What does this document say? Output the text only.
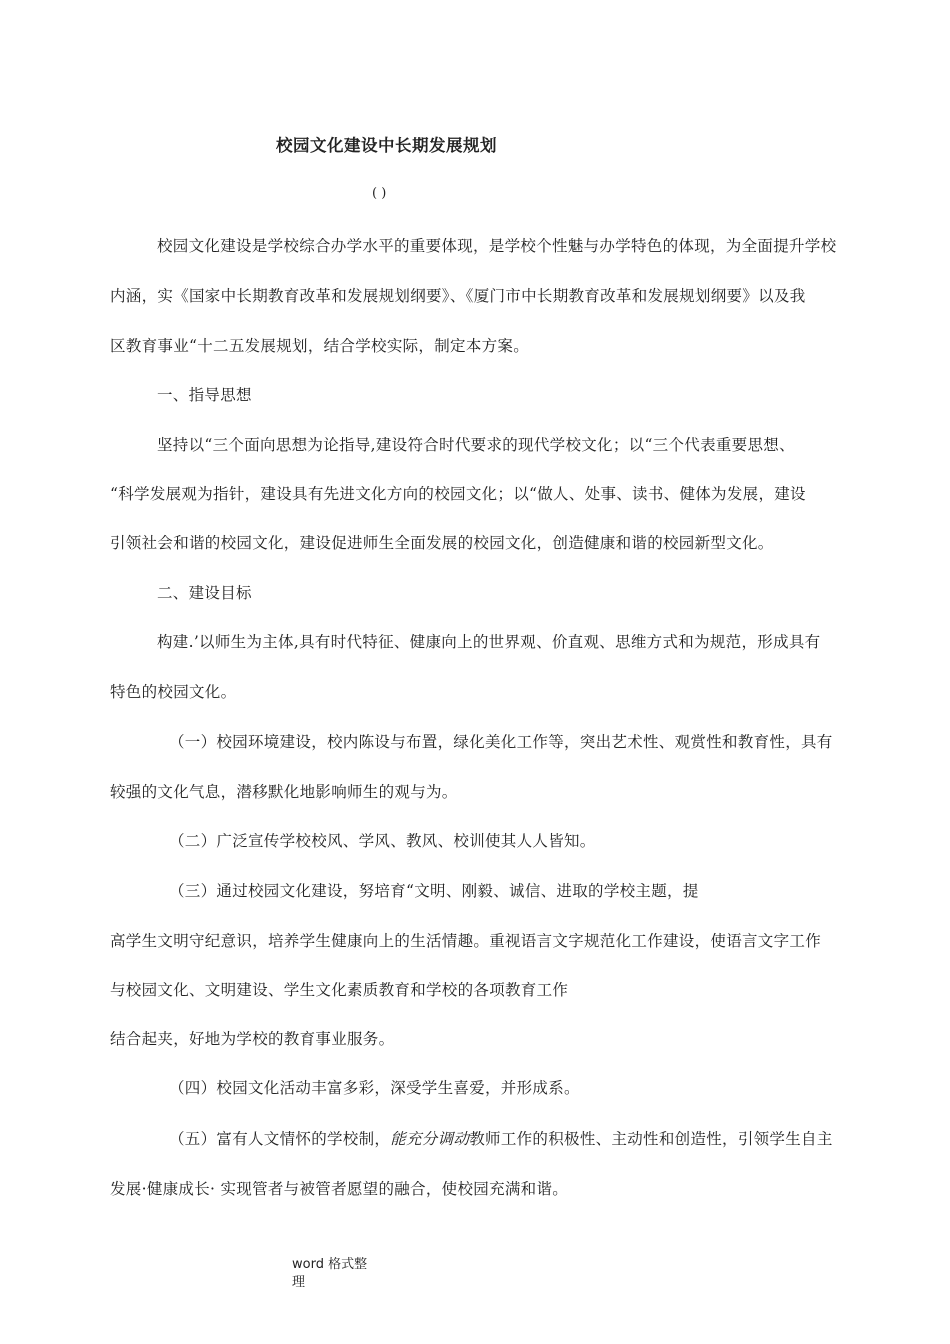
校园文化建设中长期发展规划
( )
校园文化建设是学校综合办学水平的重要体现，是学校个性魅与办学特色的体现，为全面提升学校
内涵，实《国家中长期教育改革和发展规划纲要》、《厦门市中长期教育改革和发展规划纲要》以及我
区教育事业“十二五发展规划，结合学校实际，制定本方案。
一、指导思想
坚持以“三个面向思想为论指导,建设符合时代要求的现代学校文化；以“三个代表重要思想、
“科学发展观为指针，建设具有先进文化方向的校园文化；以“做人、处事、读书、健体为发展，建设
引领社会和谐的校园文化，建设促进师生全面发展的校园文化，创造健康和谐的校园新型文化。
二、建设目标
构建.’以师生为主体,具有时代特征、健康向上的世界观、价直观、思维方式和为规范，形成具有
特色的校园文化。
（一）校园环境建设，校内陈设与布置，绿化美化工作等，突出艺术性、观赏性和教育性，具有
较强的文化气息，潜移默化地影响师生的观与为。
（二）广泛宣传学校校风、学风、教风、校训使其人人皆知。
（三）通过校园文化建设，努培育“文明、刚毅、诚信、进取的学校主题，提
高学生文明守纪意识，培养学生健康向上的生活情趣。重视语言文字规范化工作建设，使语言文字工作
与校园文化、文明建设、学生文化素质教育和学校的各项教育工作
结合起夹，好地为学校的教育事业服务。
（四）校园文化活动丰富多彩，深受学生喜爱，并形成系。
（五）富有人文情怀的学校制，能充分调动教师工作的积极性、主动性和创造性，引领学生自主
发展·健康成长· 实现管者与被管者愿望的融合，使校园充满和谐。
word 格式整
理
